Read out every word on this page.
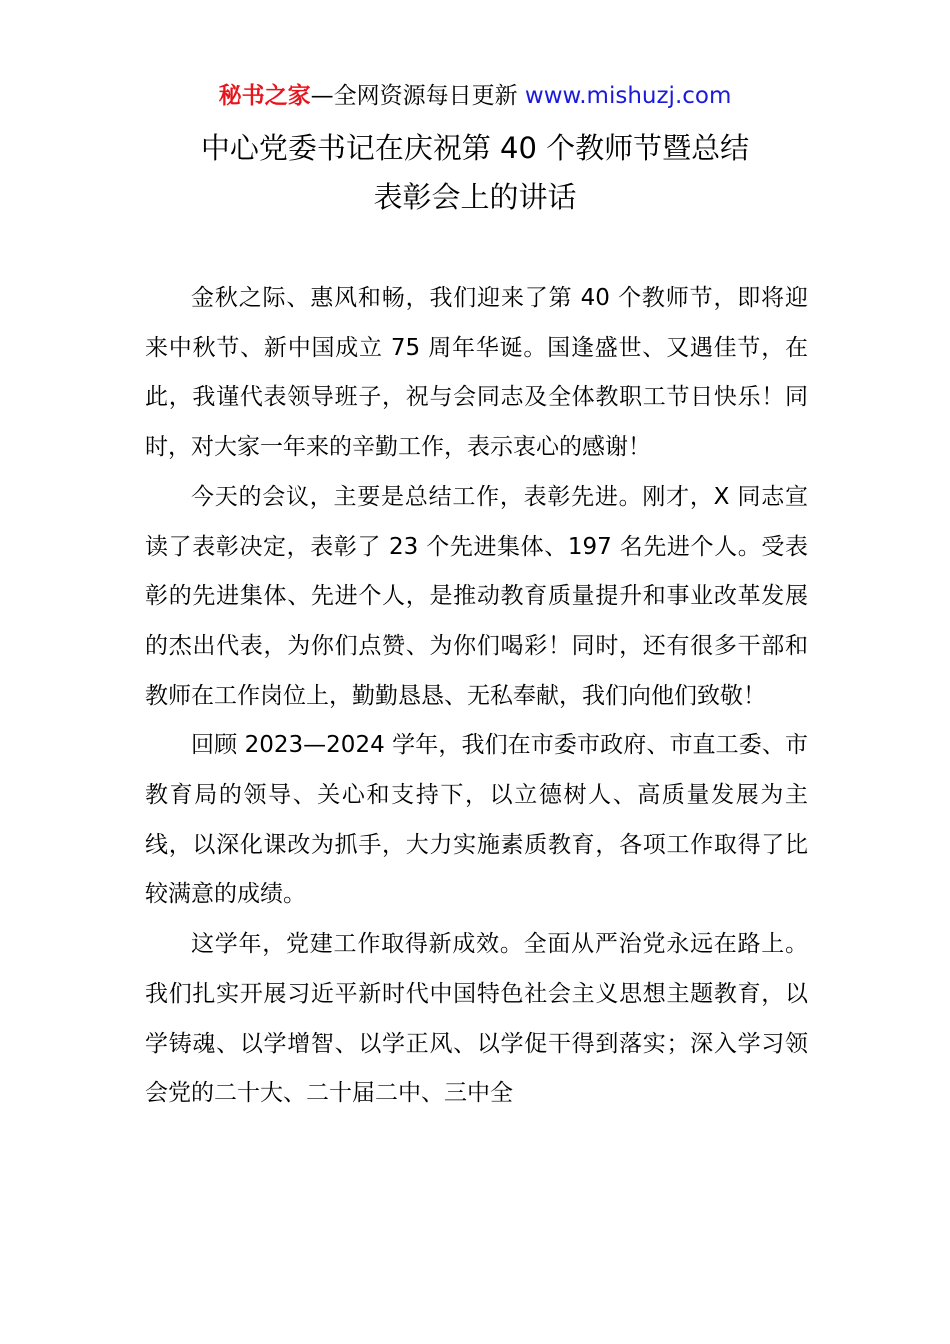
秘书之家—全网资源每日更新 www.mishuzj.com
中心党委书记在庆祝第 40 个教师节暨总结
表彰会上的讲话

金秋之际、惠风和畅，我们迎来了第 40 个教师节，即将迎来中秋节、新中国成立 75 周年华诞。国逢盛世、又遇佳节，在此，我谨代表领导班子，祝与会同志及全体教职工节日快乐！同时，对大家一年来的辛勤工作，表示衷心的感谢！

今天的会议，主要是总结工作，表彰先进。刚才，X 同志宣读了表彰决定，表彰了 23 个先进集体、197 名先进个人。受表彰的先进集体、先进个人，是推动教育质量提升和事业改革发展的杰出代表，为你们点赞、为你们喝彩！同时，还有很多干部和教师在工作岗位上，勤勤恳恳、无私奉献，我们向他们致敬！

回顾 2023—2024 学年，我们在市委市政府、市直工委、市教育局的领导、关心和支持下，以立德树人、高质量发展为主线，以深化课改为抓手，大力实施素质教育，各项工作取得了比较满意的成绩。

这学年，党建工作取得新成效。全面从严治党永远在路上。我们扎实开展习近平新时代中国特色社会主义思想主题教育，以学铸魂、以学增智、以学正风、以学促干得到落实；深入学习领会党的二十大、二十届二中、三中全
